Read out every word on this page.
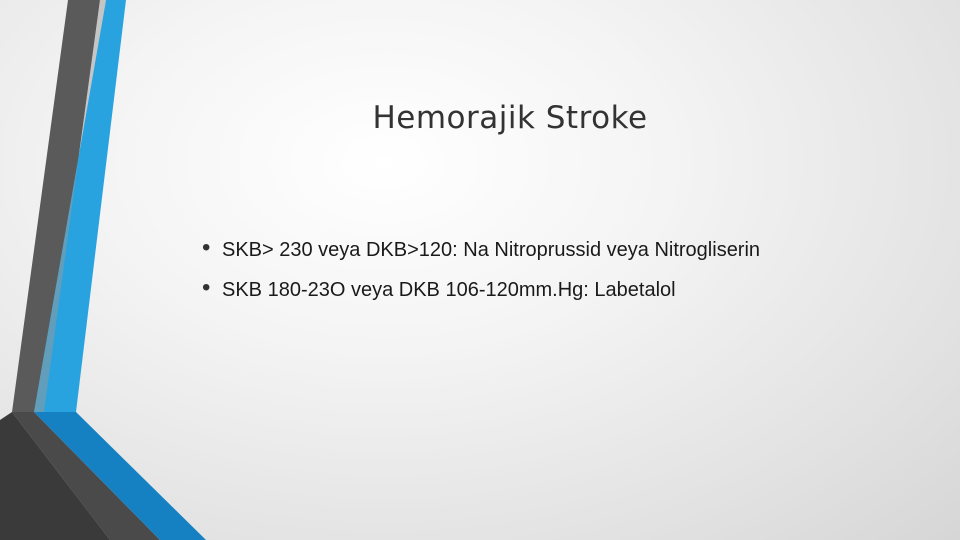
Hemorajik Stroke
• SKB> 230 veya DKB>120: Na Nitroprussid veya Nitrogliserin
• SKB 180-23O veya DKB 106-120mm.Hg: Labetalol
